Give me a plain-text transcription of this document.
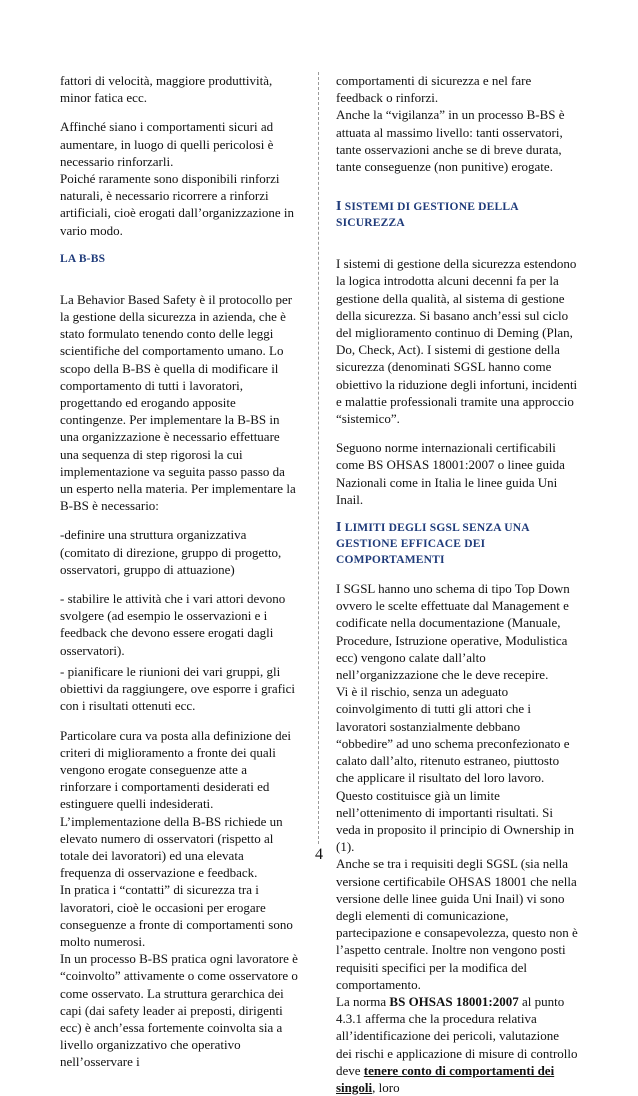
fattori di velocità, maggiore produttività, minor fatica ecc.

Affinché siano i comportamenti sicuri ad aumentare, in luogo di quelli pericolosi è necessario rinforzarli.

Poiché raramente sono disponibili rinforzi naturali, è necessario ricorrere a rinforzi artificiali, cioè erogati dall’organizzazione in vario modo.

LA B-BS

La Behavior Based Safety è il protocollo per la gestione della sicurezza in azienda, che è stato formulato tenendo conto delle leggi scientifiche del comportamento umano. Lo scopo della B-BS è quella di modificare il comportamento di tutti i lavoratori, progettando ed erogando apposite contingenze. Per implementare la B-BS in una organizzazione è necessario effettuare una sequenza di step rigorosi la cui implementazione va seguita passo passo da un esperto nella materia. Per implementare la B-BS è necessario:

-definire una struttura organizzativa (comitato di direzione, gruppo di progetto, osservatori, gruppo di attuazione)

- stabilire le attività che i vari attori devono svolgere (ad esempio le osservazioni e i feedback che devono essere erogati dagli osservatori).

- pianificare le riunioni dei vari gruppi, gli obiettivi da raggiungere, ove esporre i grafici con i risultati ottenuti ecc.

Particolare cura va posta alla definizione dei criteri di miglioramento a fronte dei quali vengono erogate conseguenze atte a rinforzare i comportamenti desiderati ed estinguere quelli indesiderati.

L’implementazione della B-BS richiede un elevato numero di osservatori (rispetto al totale dei lavoratori) ed una elevata frequenza di osservazione e feedback.

In pratica i “contatti” di sicurezza tra i lavoratori, cioè le occasioni per erogare conseguenze a fronte di comportamenti sono molto numerosi.

In un processo B-BS pratica ogni lavoratore è “coinvolto” attivamente o come osservatore o come osservato. La struttura gerarchica dei capi (dai safety leader ai preposti, dirigenti ecc) è anch’essa fortemente coinvolta sia a livello organizzativo che operativo nell’osservare i

comportamenti di sicurezza e nel fare feedback o rinforzi.

Anche la “vigilanza” in un processo B-BS è attuata al massimo livello: tanti osservatori, tante osservazioni anche se di breve durata, tante conseguenze (non punitive) erogate.

I SISTEMI DI GESTIONE DELLA SICUREZZA

I sistemi di gestione della sicurezza estendono la logica introdotta alcuni decenni fa per la gestione della qualità, al sistema di gestione della sicurezza. Si basano anch’essi sul ciclo del miglioramento continuo di Deming (Plan, Do, Check, Act). I sistemi di gestione della sicurezza (denominati SGSL hanno come obiettivo la riduzione degli infortuni, incidenti e malattie professionali tramite una approccio “sistemico”.

Seguono norme internazionali certificabili come BS OHSAS 18001:2007 o linee guida Nazionali come in Italia le linee guida Uni Inail.

I LIMITI DEGLI SGSL SENZA UNA GESTIONE EFFICACE DEI COMPORTAMENTI

I SGSL hanno uno schema di tipo Top Down ovvero le scelte effettuate dal Management e codificate nella documentazione (Manuale, Procedure, Istruzione operative, Modulistica ecc) vengono calate dall’alto nell’organizzazione che le deve recepire.

Vi è il rischio, senza un adeguato coinvolgimento di tutti gli attori che i lavoratori sostanzialmente debbano “obbedire” ad uno schema preconfezionato e calato dall’alto, ritenuto estraneo, piuttosto che applicare il risultato del loro lavoro.

Questo costituisce già un limite nell’ottenimento di importanti risultati. Si veda in proposito il principio di Ownership in (1).

Anche se tra i requisiti degli SGSL (sia nella versione certificabile OHSAS 18001 che nella versione delle linee guida Uni Inail) vi sono degli elementi di comunicazione, partecipazione e consapevolezza, questo non è l’aspetto centrale. Inoltre non vengono posti requisiti specifici per la modifica del comportamento.

La norma BS OHSAS 18001:2007 al punto 4.3.1 afferma che la procedura relativa all’identificazione dei pericoli, valutazione dei rischi e applicazione di misure di controllo deve tenere conto di comportamenti dei singoli, loro

4
